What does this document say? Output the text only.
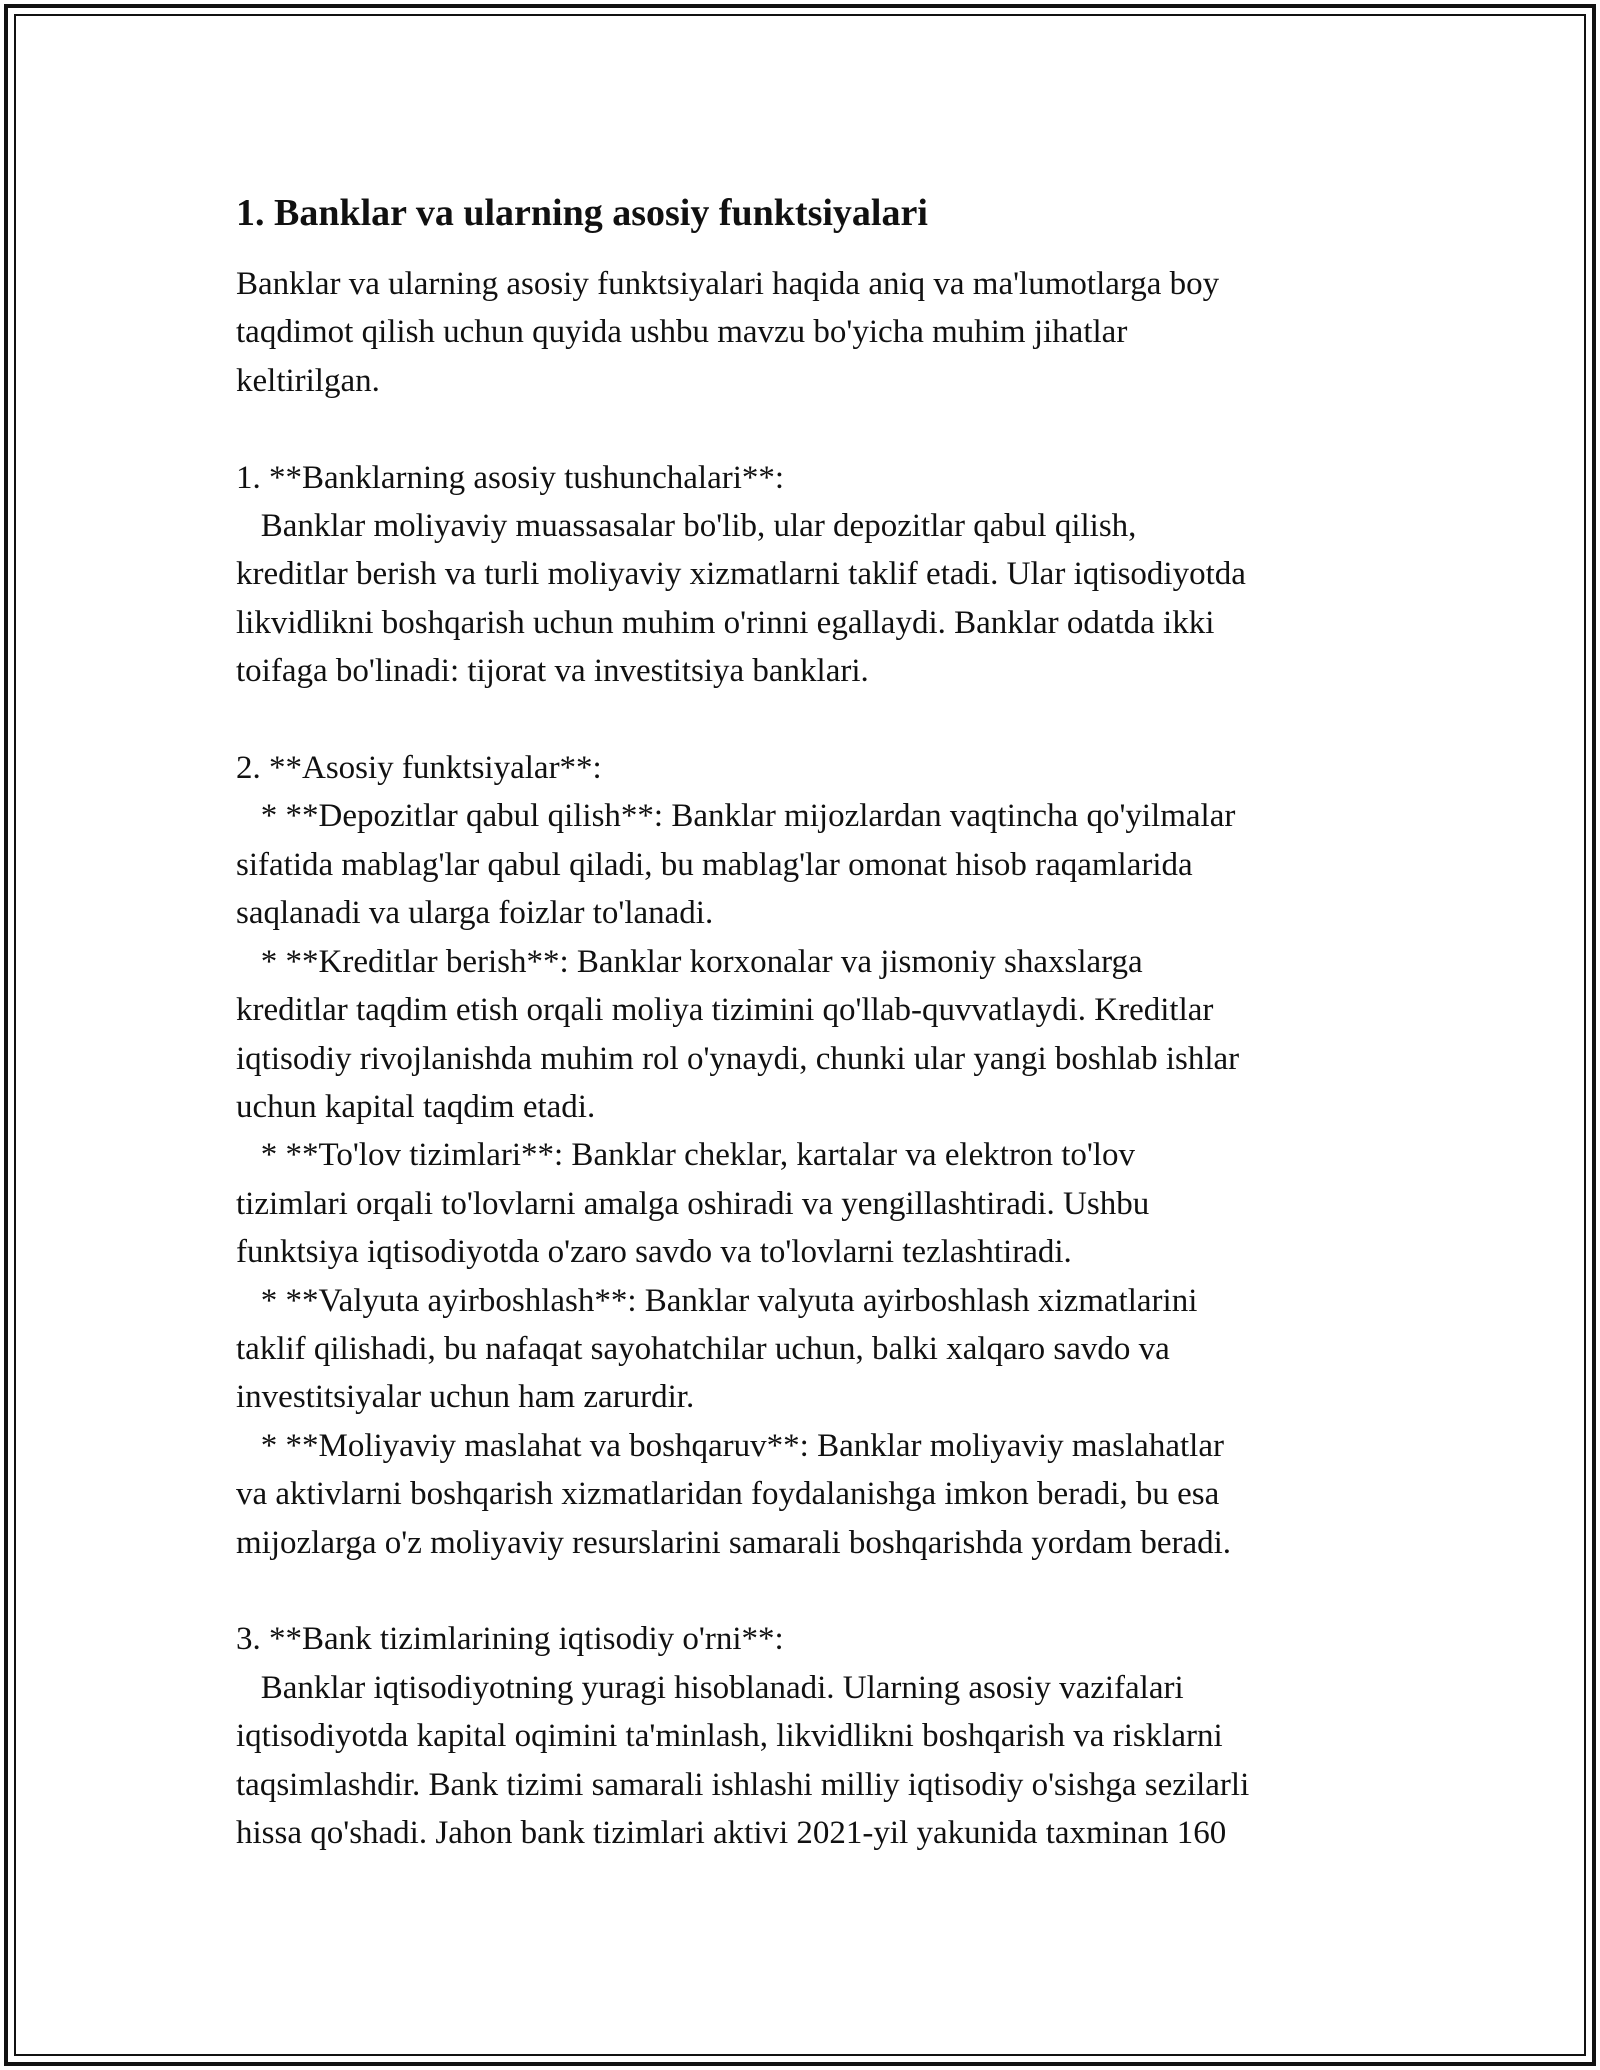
1. Banklar va ularning asosiy funktsiyalari

Banklar va ularning asosiy funktsiyalari haqida aniq va ma'lumotlarga boy
taqdimot qilish uchun quyida ushbu mavzu bo'yicha muhim jihatlar
keltirilgan.

1. **Banklarning asosiy tushunchalari**:
Banklar moliyaviy muassasalar bo'lib, ular depozitlar qabul qilish,
kreditlar berish va turli moliyaviy xizmatlarni taklif etadi. Ular iqtisodiyotda
likvidlikni boshqarish uchun muhim o'rinni egallaydi. Banklar odatda ikki
toifaga bo'linadi: tijorat va investitsiya banklari.

2. **Asosiy funktsiyalar**:
* **Depozitlar qabul qilish**: Banklar mijozlardan vaqtincha qo'yilmalar
sifatida mablag'lar qabul qiladi, bu mablag'lar omonat hisob raqamlarida
saqlanadi va ularga foizlar to'lanadi.
* **Kreditlar berish**: Banklar korxonalar va jismoniy shaxslarga
kreditlar taqdim etish orqali moliya tizimini qo'llab-quvvatlaydi. Kreditlar
iqtisodiy rivojlanishda muhim rol o'ynaydi, chunki ular yangi boshlab ishlar
uchun kapital taqdim etadi.
* **To'lov tizimlari**: Banklar cheklar, kartalar va elektron to'lov
tizimlari orqali to'lovlarni amalga oshiradi va yengillashtiradi. Ushbu
funktsiya iqtisodiyotda o'zaro savdo va to'lovlarni tezlashtiradi.
* **Valyuta ayirboshlash**: Banklar valyuta ayirboshlash xizmatlarini
taklif qilishadi, bu nafaqat sayohatchilar uchun, balki xalqaro savdo va
investitsiyalar uchun ham zarurdir.
* **Moliyaviy maslahat va boshqaruv**: Banklar moliyaviy maslahatlar
va aktivlarni boshqarish xizmatlaridan foydalanishga imkon beradi, bu esa
mijozlarga o'z moliyaviy resurslarini samarali boshqarishda yordam beradi.

3. **Bank tizimlarining iqtisodiy o'rni**:
Banklar iqtisodiyotning yuragi hisoblanadi. Ularning asosiy vazifalari
iqtisodiyotda kapital oqimini ta'minlash, likvidlikni boshqarish va risklarni
taqsimlashdir. Bank tizimi samarali ishlashi milliy iqtisodiy o'sishga sezilarli
hissa qo'shadi. Jahon bank tizimlari aktivi 2021-yil yakunida taxminan 160
